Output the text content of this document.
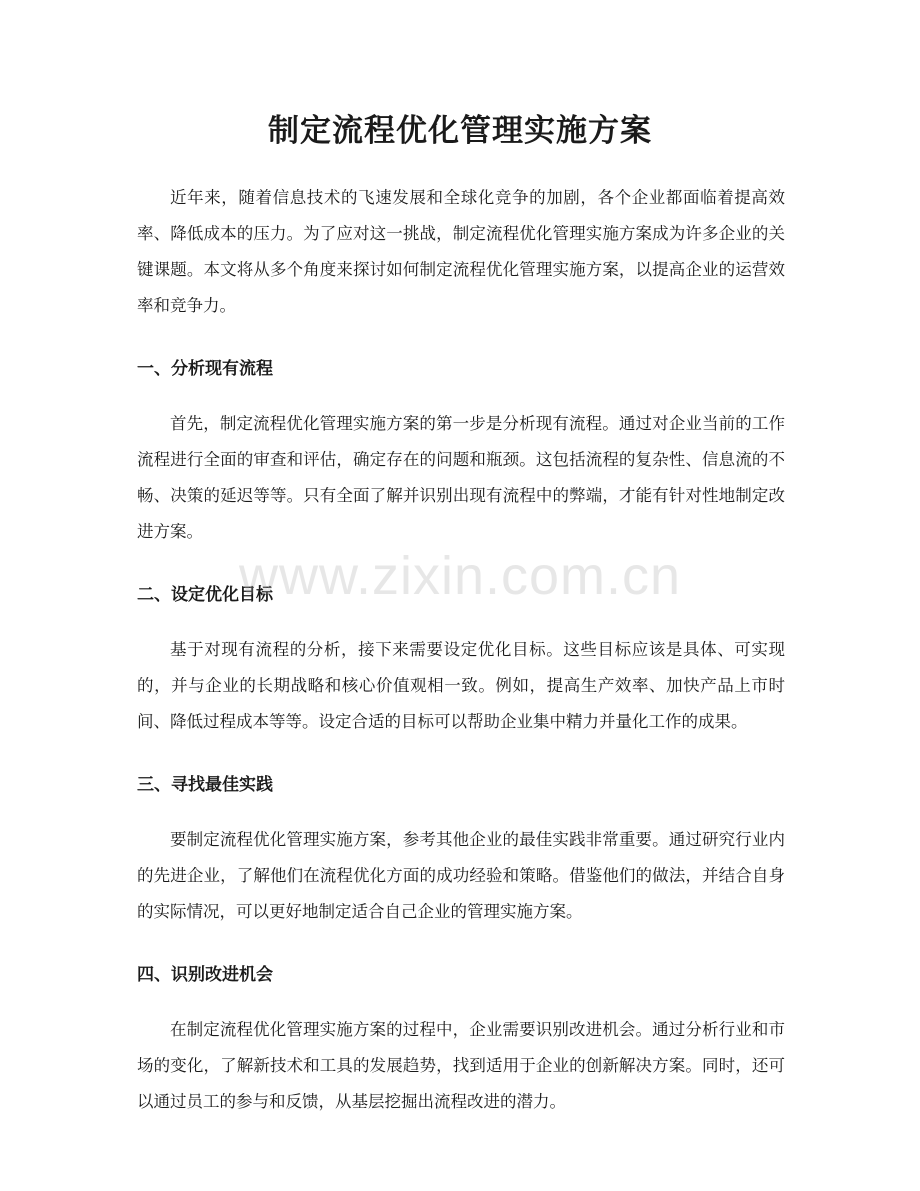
制定流程优化管理实施方案

近年来，随着信息技术的飞速发展和全球化竞争的加剧，各个企业都面临着提高效率、降低成本的压力。为了应对这一挑战，制定流程优化管理实施方案成为许多企业的关键课题。本文将从多个角度来探讨如何制定流程优化管理实施方案，以提高企业的运营效率和竞争力。

一、分析现有流程

首先，制定流程优化管理实施方案的第一步是分析现有流程。通过对企业当前的工作流程进行全面的审查和评估，确定存在的问题和瓶颈。这包括流程的复杂性、信息流的不畅、决策的延迟等等。只有全面了解并识别出现有流程中的弊端，才能有针对性地制定改进方案。

二、设定优化目标

基于对现有流程的分析，接下来需要设定优化目标。这些目标应该是具体、可实现的，并与企业的长期战略和核心价值观相一致。例如，提高生产效率、加快产品上市时间、降低过程成本等等。设定合适的目标可以帮助企业集中精力并量化工作的成果。

三、寻找最佳实践

要制定流程优化管理实施方案，参考其他企业的最佳实践非常重要。通过研究行业内的先进企业，了解他们在流程优化方面的成功经验和策略。借鉴他们的做法，并结合自身的实际情况，可以更好地制定适合自己企业的管理实施方案。

四、识别改进机会

在制定流程优化管理实施方案的过程中，企业需要识别改进机会。通过分析行业和市场的变化，了解新技术和工具的发展趋势，找到适用于企业的创新解决方案。同时，还可以通过员工的参与和反馈，从基层挖掘出流程改进的潜力。

www.zixin.com.cn
